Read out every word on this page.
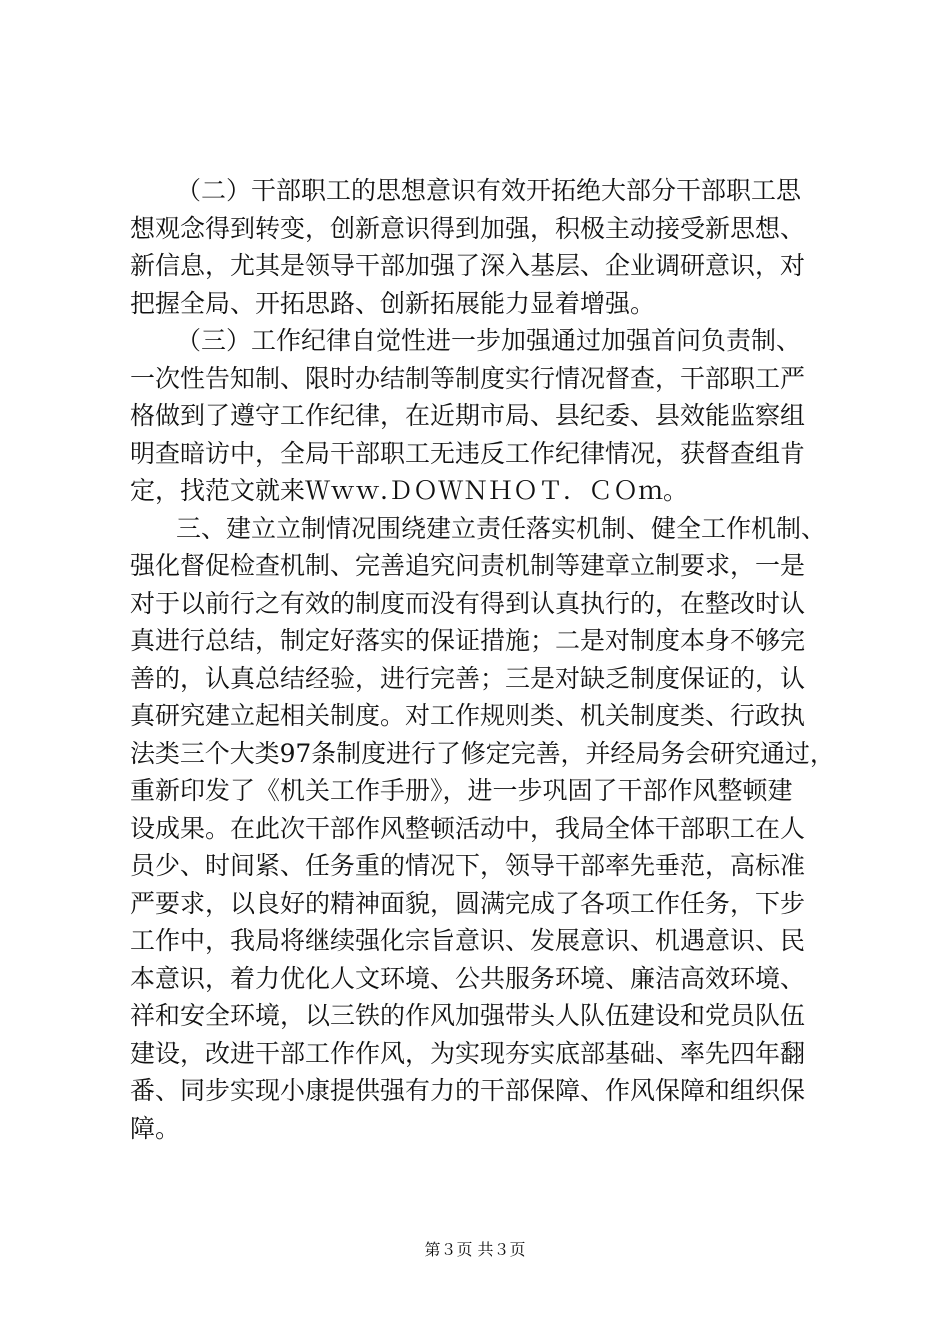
（二）干部职工的思想意识有效开拓绝大部分干部职工思
想观念得到转变，创新意识得到加强，积极主动接受新思想、
新信息，尤其是领导干部加强了深入基层、企业调研意识，对
把握全局、开拓思路、创新拓展能力显着增强。
（三）工作纪律自觉性进一步加强通过加强首问负责制、
一次性告知制、限时办结制等制度实行情况督查，干部职工严
格做到了遵守工作纪律，在近期市局、县纪委、县效能监察组
明查暗访中，全局干部职工无违反工作纪律情况，获督查组肯
定，找范文就来Ｗｗｗ.ＤＯＷＮＨＯＴ．ＣＯｍ。
三、建立立制情况围绕建立责任落实机制、健全工作机制、
强化督促检查机制、完善追究问责机制等建章立制要求，一是
对于以前行之有效的制度而没有得到认真执行的，在整改时认
真进行总结，制定好落实的保证措施；二是对制度本身不够完
善的，认真总结经验，进行完善；三是对缺乏制度保证的，认
真研究建立起相关制度。对工作规则类、机关制度类、行政执
法类三个大类97条制度进行了修定完善，并经局务会研究通过，
重新印发了《机关工作手册》，进一步巩固了干部作风整顿建
设成果。在此次干部作风整顿活动中，我局全体干部职工在人
员少、时间紧、任务重的情况下，领导干部率先垂范，高标准
严要求，以良好的精神面貌，圆满完成了各项工作任务，下步
工作中，我局将继续强化宗旨意识、发展意识、机遇意识、民
本意识，着力优化人文环境、公共服务环境、廉洁高效环境、
祥和安全环境，以三铁的作风加强带头人队伍建设和党员队伍
建设，改进干部工作作风，为实现夯实底部基础、率先四年翻
番、同步实现小康提供强有力的干部保障、作风保障和组织保
障。
第３页 共３页
